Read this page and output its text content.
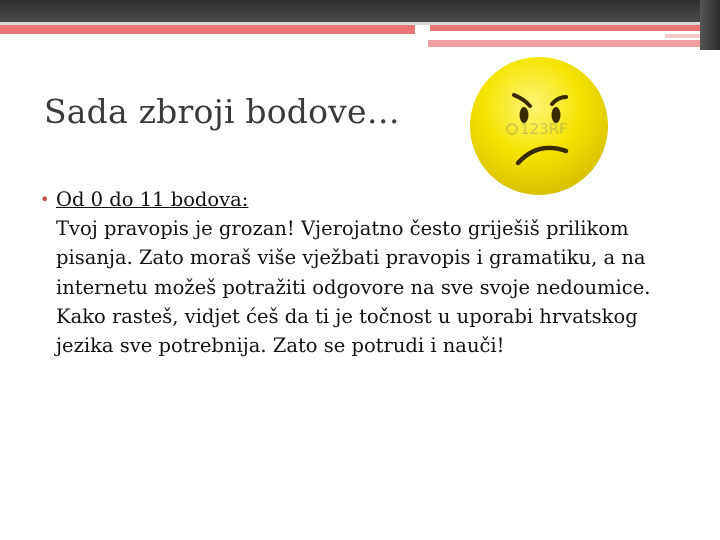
Sada zbroji bodove…	123RF
• Od 0 do 11 bodova:
Tvoj pravopis je grozan! Vjerojatno često griješiš prilikom pisanja. Zato moraš više vježbati pravopis i gramatiku, a na internetu možeš potražiti odgovore na sve svoje nedoumice. Kako rasteš, vidjet ćeš da ti je točnost u uporabi hrvatskog jezika sve potrebnija. Zato se potrudi i nauči!
